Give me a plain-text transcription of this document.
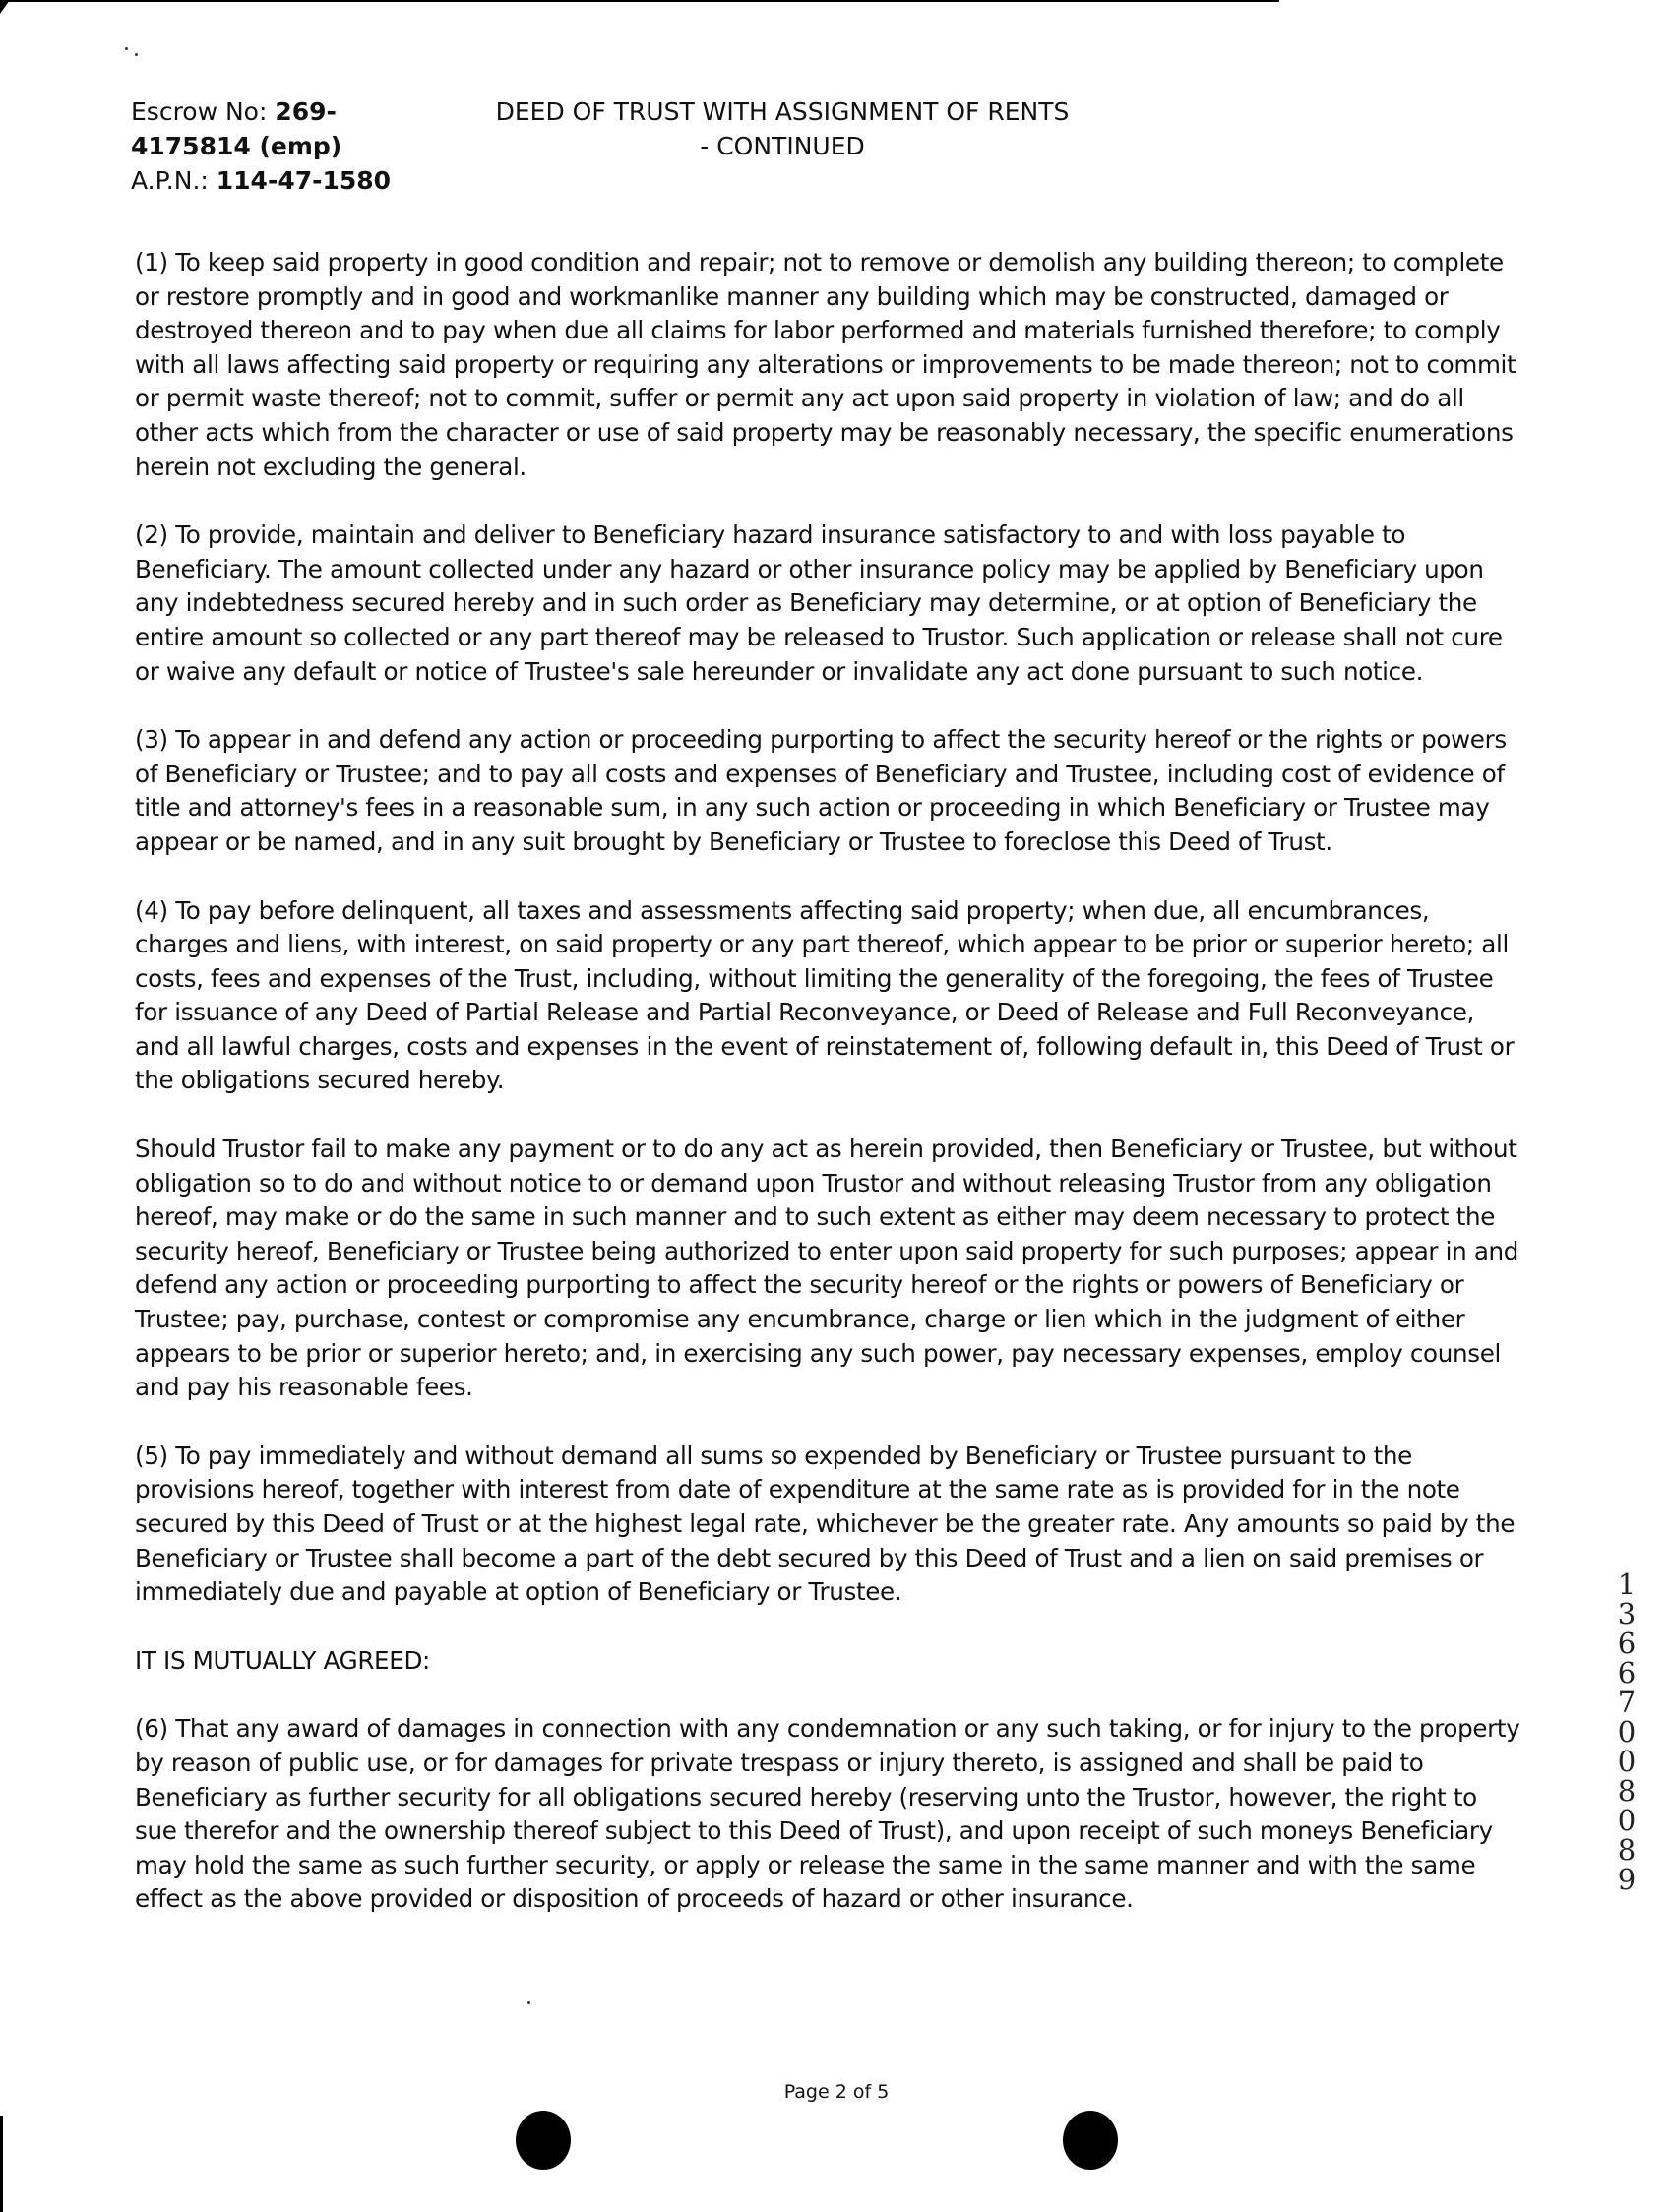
Escrow No: 269-
4175814 (emp)
A.P.N.: 114-47-1580
DEED OF TRUST WITH ASSIGNMENT OF RENTS
- CONTINUED

(1) To keep said property in good condition and repair; not to remove or demolish any building thereon; to complete or restore promptly and in good and workmanlike manner any building which may be constructed, damaged or destroyed thereon and to pay when due all claims for labor performed and materials furnished therefore; to comply with all laws affecting said property or requiring any alterations or improvements to be made thereon; not to commit or permit waste thereof; not to commit, suffer or permit any act upon said property in violation of law; and do all other acts which from the character or use of said property may be reasonably necessary, the specific enumerations herein not excluding the general.

(2) To provide, maintain and deliver to Beneficiary hazard insurance satisfactory to and with loss payable to Beneficiary. The amount collected under any hazard or other insurance policy may be applied by Beneficiary upon any indebtedness secured hereby and in such order as Beneficiary may determine, or at option of Beneficiary the entire amount so collected or any part thereof may be released to Trustor. Such application or release shall not cure or waive any default or notice of Trustee's sale hereunder or invalidate any act done pursuant to such notice.

(3) To appear in and defend any action or proceeding purporting to affect the security hereof or the rights or powers of Beneficiary or Trustee; and to pay all costs and expenses of Beneficiary and Trustee, including cost of evidence of title and attorney's fees in a reasonable sum, in any such action or proceeding in which Beneficiary or Trustee may appear or be named, and in any suit brought by Beneficiary or Trustee to foreclose this Deed of Trust.

(4) To pay before delinquent, all taxes and assessments affecting said property; when due, all encumbrances, charges and liens, with interest, on said property or any part thereof, which appear to be prior or superior hereto; all costs, fees and expenses of the Trust, including, without limiting the generality of the foregoing, the fees of Trustee for issuance of any Deed of Partial Release and Partial Reconveyance, or Deed of Release and Full Reconveyance, and all lawful charges, costs and expenses in the event of reinstatement of, following default in, this Deed of Trust or the obligations secured hereby.

Should Trustor fail to make any payment or to do any act as herein provided, then Beneficiary or Trustee, but without obligation so to do and without notice to or demand upon Trustor and without releasing Trustor from any obligation hereof, may make or do the same in such manner and to such extent as either may deem necessary to protect the security hereof, Beneficiary or Trustee being authorized to enter upon said property for such purposes; appear in and defend any action or proceeding purporting to affect the security hereof or the rights or powers of Beneficiary or Trustee; pay, purchase, contest or compromise any encumbrance, charge or lien which in the judgment of either appears to be prior or superior hereto; and, in exercising any such power, pay necessary expenses, employ counsel and pay his reasonable fees.

(5) To pay immediately and without demand all sums so expended by Beneficiary or Trustee pursuant to the provisions hereof, together with interest from date of expenditure at the same rate as is provided for in the note secured by this Deed of Trust or at the highest legal rate, whichever be the greater rate. Any amounts so paid by the Beneficiary or Trustee shall become a part of the debt secured by this Deed of Trust and a lien on said premises or immediately due and payable at option of Beneficiary or Trustee.

IT IS MUTUALLY AGREED:

(6) That any award of damages in connection with any condemnation or any such taking, or for injury to the property by reason of public use, or for damages for private trespass or injury thereto, is assigned and shall be paid to Beneficiary as further security for all obligations secured hereby (reserving unto the Trustor, however, the right to sue therefor and the ownership thereof subject to this Deed of Trust), and upon receipt of such moneys Beneficiary may hold the same as such further security, or apply or release the same in the same manner and with the same effect as the above provided or disposition of proceeds of hazard or other insurance.

13667 008089
Page 2 of 5
